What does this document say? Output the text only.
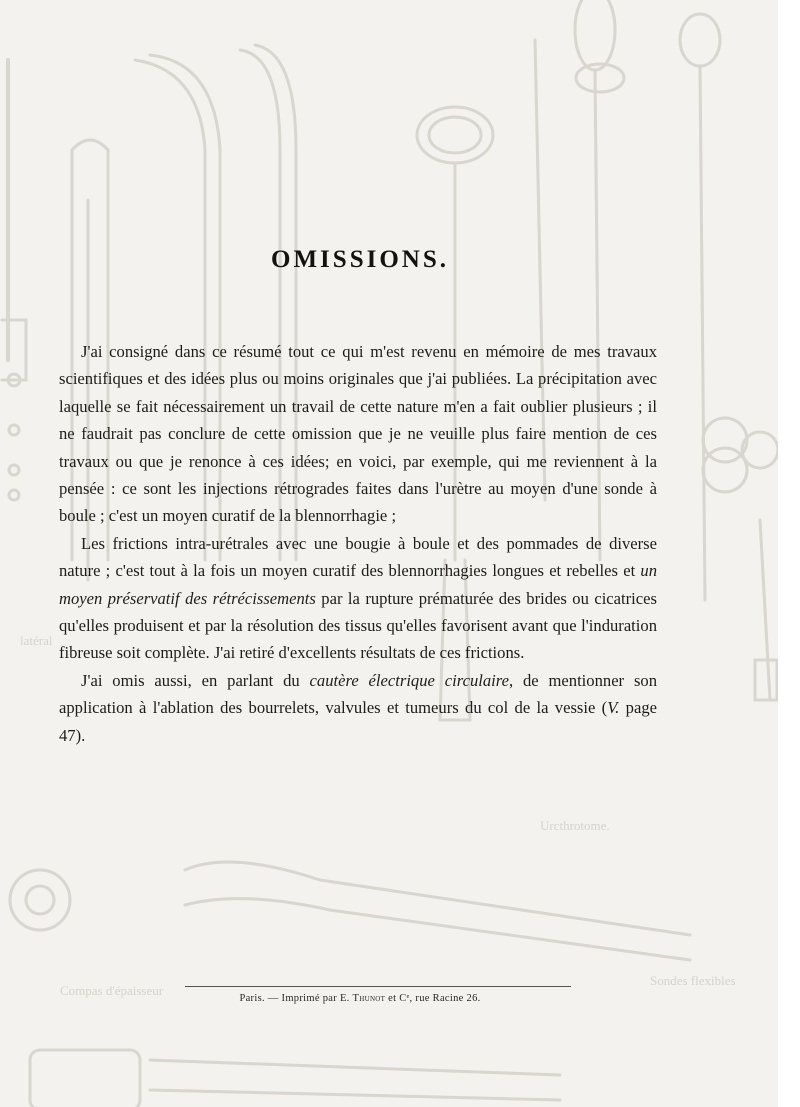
Urcthrotome.
Sondes flexibles
Compas d'épaisseur
latéral
OMISSIONS.

J'ai consigné dans ce résumé tout ce qui m'est revenu en mémoire de mes travaux scientifiques et des idées plus ou moins originales que j'ai publiées. La précipitation avec laquelle se fait nécessairement un travail de cette nature m'en a fait oublier plusieurs ; il ne faudrait pas conclure de cette omission que je ne veuille plus faire mention de ces travaux ou que je renonce à ces idées; en voici, par exemple, qui me reviennent à la pensée : ce sont les injections rétrogrades faites dans l'urètre au moyen d'une sonde à boule ; c'est un moyen curatif de la blennorrhagie ;

Les frictions intra-urétrales avec une bougie à boule et des pommades de diverse nature ; c'est tout à la fois un moyen curatif des blennorrhagies longues et rebelles et un moyen préservatif des rétrécissements par la rupture prématurée des brides ou cicatrices qu'elles produisent et par la résolution des tissus qu'elles favorisent avant que l'induration fibreuse soit complète. J'ai retiré d'excellents résultats de ces frictions.

J'ai omis aussi, en parlant du cautère électrique circulaire, de mentionner son application à l'ablation des bourrelets, valvules et tumeurs du col de la vessie (V. page 47).

Paris. — Imprimé par E. Thunot et Cᵉ, rue Racine 26.
